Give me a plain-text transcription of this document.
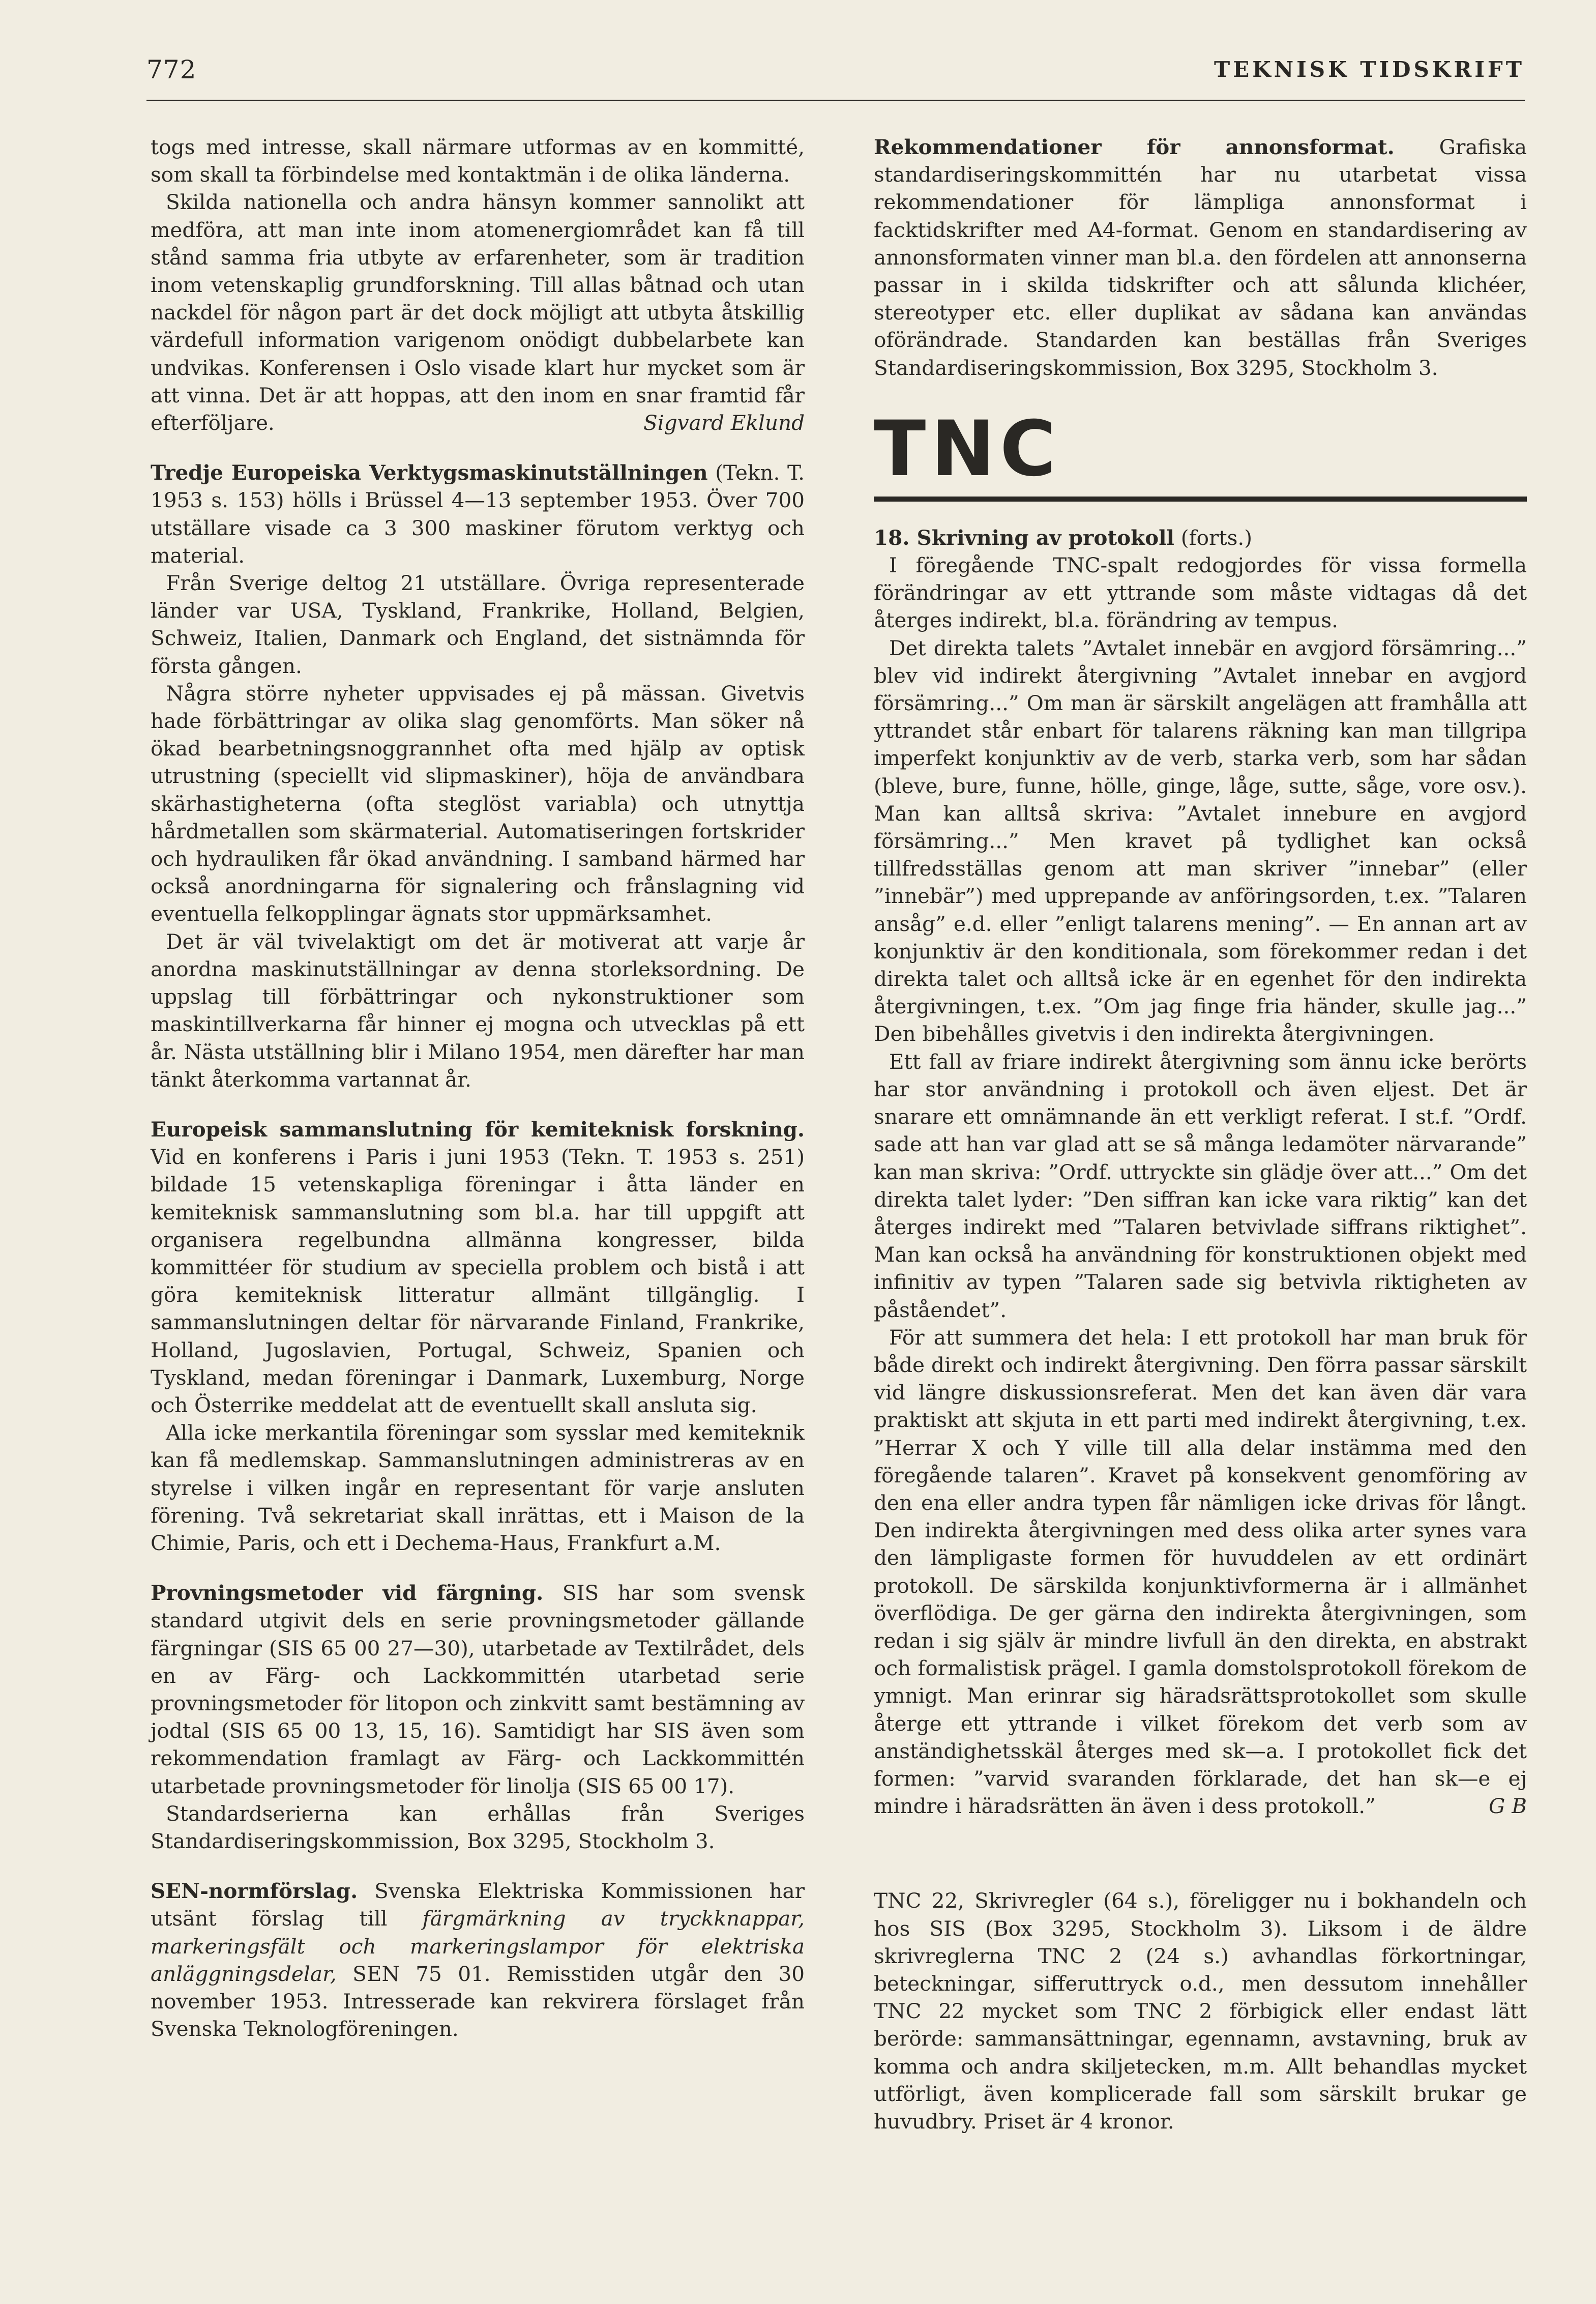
772	TEKNISK TIDSKRIFT

togs med intresse, skall närmare utformas av en kommitté, som skall ta förbindelse med kontaktmän i de olika länderna.

Skilda nationella och andra hänsyn kommer sannolikt att medföra, att man inte inom atomenergiområdet kan få till stånd samma fria utbyte av erfarenheter, som är tradition inom vetenskaplig grundforskning. Till allas båtnad och utan nackdel för någon part är det dock möjligt att utbyta åtskillig värdefull information varigenom onödigt dubbelarbete kan undvikas. Konferensen i Oslo visade klart hur mycket som är att vinna. Det är att hoppas, att den inom en snar framtid får efterföljare.	Sigvard Eklund

Tredje Europeiska Verktygsmaskinutställningen (Tekn. T. 1953 s. 153) hölls i Brüssel 4—13 september 1953. Över 700 utställare visade ca 3 300 maskiner förutom verktyg och material.

Från Sverige deltog 21 utställare. Övriga representerade länder var USA, Tyskland, Frankrike, Holland, Belgien, Schweiz, Italien, Danmark och England, det sistnämnda för första gången.

Några större nyheter uppvisades ej på mässan. Givetvis hade förbättringar av olika slag genomförts. Man söker nå ökad bearbetningsnoggrannhet ofta med hjälp av optisk utrustning (speciellt vid slipmaskiner), höja de användbara skärhastigheterna (ofta steglöst variabla) och utnyttja hårdmetallen som skärmaterial. Automatiseringen fortskrider och hydrauliken får ökad användning. I samband härmed har också anordningarna för signalering och frånslagning vid eventuella felkopplingar ägnats stor uppmärksamhet.

Det är väl tvivelaktigt om det är motiverat att varje år anordna maskinutställningar av denna storleksordning. De uppslag till förbättringar och nykonstruktioner som maskintillverkarna får hinner ej mogna och utvecklas på ett år. Nästa utställning blir i Milano 1954, men därefter har man tänkt återkomma vartannat år.

Europeisk sammanslutning för kemiteknisk forskning. Vid en konferens i Paris i juni 1953 (Tekn. T. 1953 s. 251) bildade 15 vetenskapliga föreningar i åtta länder en kemiteknisk sammanslutning som bl.a. har till uppgift att organisera regelbundna allmänna kongresser, bilda kommittéer för studium av speciella problem och bistå i att göra kemiteknisk litteratur allmänt tillgänglig. I sammanslutningen deltar för närvarande Finland, Frankrike, Holland, Jugoslavien, Portugal, Schweiz, Spanien och Tyskland, medan föreningar i Danmark, Luxemburg, Norge och Österrike meddelat att de eventuellt skall ansluta sig.

Alla icke merkantila föreningar som sysslar med kemiteknik kan få medlemskap. Sammanslutningen administreras av en styrelse i vilken ingår en representant för varje ansluten förening. Två sekretariat skall inrättas, ett i Maison de la Chimie, Paris, och ett i Dechema-Haus, Frankfurt a.M.

Provningsmetoder vid färgning. SIS har som svensk standard utgivit dels en serie provningsmetoder gällande färgningar (SIS 65 00 27—30), utarbetade av Textilrådet, dels en av Färg- och Lackkommittén utarbetad serie provningsmetoder för litopon och zinkvitt samt bestämning av jodtal (SIS 65 00 13, 15, 16). Samtidigt har SIS även som rekommendation framlagt av Färg- och Lackkommittén utarbetade provningsmetoder för linolja (SIS 65 00 17).

Standardserierna kan erhållas från Sveriges Standardiseringskommission, Box 3295, Stockholm 3.

SEN-normförslag. Svenska Elektriska Kommissionen har utsänt förslag till färgmärkning av tryckknappar, markeringsfält och markeringslampor för elektriska anläggningsdelar, SEN 75 01. Remisstiden utgår den 30 november 1953. Intresserade kan rekvirera förslaget från Svenska Teknologföreningen.

Rekommendationer för annonsformat. Grafiska standardiseringskommittén har nu utarbetat vissa rekommendationer för lämpliga annonsformat i facktidskrifter med A4-format. Genom en standardisering av annonsformaten vinner man bl.a. den fördelen att annonserna passar in i skilda tidskrifter och att sålunda klichéer, stereotyper etc. eller duplikat av sådana kan användas oförändrade. Standarden kan beställas från Sveriges Standardiseringskommission, Box 3295, Stockholm 3.

TNC

18. Skrivning av protokoll (forts.)

I föregående TNC-spalt redogjordes för vissa formella förändringar av ett yttrande som måste vidtagas då det återges indirekt, bl.a. förändring av tempus.

Det direkta talets ”Avtalet innebär en avgjord försämring...” blev vid indirekt återgivning ”Avtalet innebar en avgjord försämring...” Om man är särskilt angelägen att framhålla att yttrandet står enbart för talarens räkning kan man tillgripa imperfekt konjunktiv av de verb, starka verb, som har sådan (bleve, bure, funne, hölle, ginge, låge, sutte, såge, vore osv.). Man kan alltså skriva: ”Avtalet innebure en avgjord försämring...” Men kravet på tydlighet kan också tillfredsställas genom att man skriver ”innebar” (eller ”innebär”) med upprepande av anföringsorden, t.ex. ”Talaren ansåg” e.d. eller ”enligt talarens mening”. — En annan art av konjunktiv är den konditionala, som förekommer redan i det direkta talet och alltså icke är en egenhet för den indirekta återgivningen, t.ex. ”Om jag finge fria händer, skulle jag...” Den bibehålles givetvis i den indirekta återgivningen.

Ett fall av friare indirekt återgivning som ännu icke berörts har stor användning i protokoll och även eljest. Det är snarare ett omnämnande än ett verkligt referat. I st.f. ”Ordf. sade att han var glad att se så många ledamöter närvarande” kan man skriva: ”Ordf. uttryckte sin glädje över att...” Om det direkta talet lyder: ”Den siffran kan icke vara riktig” kan det återges indirekt med ”Talaren betvivlade siffrans riktighet”. Man kan också ha användning för konstruktionen objekt med infinitiv av typen ”Talaren sade sig betvivla riktigheten av påståendet”.

För att summera det hela: I ett protokoll har man bruk för både direkt och indirekt återgivning. Den förra passar särskilt vid längre diskussionsreferat. Men det kan även där vara praktiskt att skjuta in ett parti med indirekt återgivning, t.ex. ”Herrar X och Y ville till alla delar instämma med den föregående talaren”. Kravet på konsekvent genomföring av den ena eller andra typen får nämligen icke drivas för långt. Den indirekta återgivningen med dess olika arter synes vara den lämpligaste formen för huvuddelen av ett ordinärt protokoll. De särskilda konjunktivformerna är i allmänhet överflödiga. De ger gärna den indirekta återgivningen, som redan i sig själv är mindre livfull än den direkta, en abstrakt och formalistisk prägel. I gamla domstolsprotokoll förekom de ymnigt. Man erinrar sig häradsrättsprotokollet som skulle återge ett yttrande i vilket förekom det verb som av anständighetsskäl återges med sk—a. I protokollet fick det formen: ”varvid svaranden förklarade, det han sk—e ej mindre i häradsrätten än även i dess protokoll.”	G B

TNC 22, Skrivregler (64 s.), föreligger nu i bokhandeln och hos SIS (Box 3295, Stockholm 3). Liksom i de äldre skrivreglerna TNC 2 (24 s.) avhandlas förkortningar, beteckningar, sifferuttryck o.d., men dessutom innehåller TNC 22 mycket som TNC 2 förbigick eller endast lätt berörde: sammansättningar, egennamn, avstavning, bruk av komma och andra skiljetecken, m.m. Allt behandlas mycket utförligt, även komplicerade fall som särskilt brukar ge huvudbry. Priset är 4 kronor.
